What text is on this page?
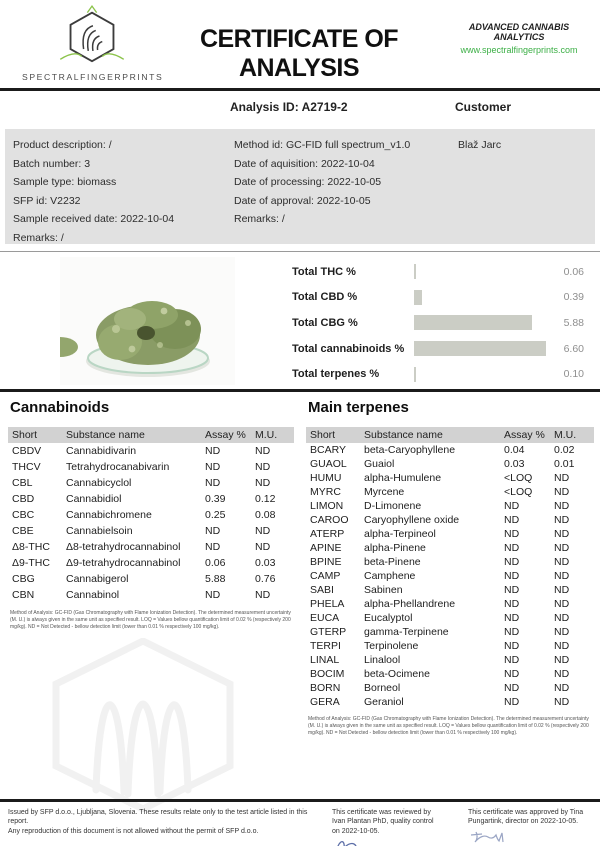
SPECTRALFINGERPRINTS
CERTIFICATE OF ANALYSIS
ADVANCED CANNABIS ANALYTICS
www.spectralfingerprints.com
Analysis ID: A2719-2	Customer
Product description: /
Batch number: 3
Sample type: biomass
SFP id: V2232
Sample received date: 2022-10-04
Remarks: /
Method id: GC-FID full spectrum_v1.0
Date of aquisition: 2022-10-04
Date of processing: 2022-10-05
Date of approval: 2022-10-05
Remarks: /
Blaž Jarc
Total THC %	0.06
Total CBD %	0.39
Total CBG %	5.88
Total cannabinoids %	6.60
Total terpenes %	0.10
Cannabinoids
Short	Substance name	Assay %	M.U.
CBDV	Cannabidivarin	ND	ND
THCV	Tetrahydrocanabivarin	ND	ND
CBL	Cannabicyclol	ND	ND
CBD	Cannabidiol	0.39	0.12
CBC	Cannabichromene	0.25	0.08
CBE	Cannabielsoin	ND	ND
Δ8-THC	Δ8-tetrahydrocannabinol	ND	ND
Δ9-THC	Δ9-tetrahydrocannabinol	0.06	0.03
CBG	Cannabigerol	5.88	0.76
CBN	Cannabinol	ND	ND

Method of Analysis: GC-FID (Gas Chromatography with Flame Ionization Detection). The determined measurement uncertainty (M. U.) is always given in the same unit as specified result. LOQ = Values bellow quantification limit of 0.02 % (respectively 200 mg/kg). ND = Not Detected - bellow detection limit (lower than 0.01 % respectively 100 mg/kg).

Main terpenes
Short	Substance name	Assay %	M.U.
BCARY	beta-Caryophyllene	0.04	0.02
GUAOL	Guaiol	0.03	0.01
HUMU	alpha-Humulene	<LOQ	ND
MYRC	Myrcene	<LOQ	ND
LIMON	D-Limonene	ND	ND
CAROO	Caryophyllene oxide	ND	ND
ATERP	alpha-Terpineol	ND	ND
APINE	alpha-Pinene	ND	ND
BPINE	beta-Pinene	ND	ND
CAMP	Camphene	ND	ND
SABI	Sabinen	ND	ND
PHELA	alpha-Phellandrene	ND	ND
EUCA	Eucalyptol	ND	ND
GTERP	gamma-Terpinene	ND	ND
TERPI	Terpinolene	ND	ND
LINAL	Linalool	ND	ND
BOCIM	beta-Ocimene	ND	ND
BORN	Borneol	ND	ND
GERA	Geraniol	ND	ND

Method of Analysis: GC-FID (Gas Chromatography with Flame Ionization Detection). The determined measurement uncertainty (M. U.) is always given in the same unit as specified result. LOQ = Values bellow quantification limit of 0.02 % (respectively 200 mg/kg). ND = Not Detected - bellow detection limit (lower than 0.01 % respectively 100 mg/kg).

Issued by SFP d.o.o., Ljubljana, Slovenia. These results relate only to the test article listed in this report.
Any reproduction of this document is not allowed without the permit of SFP d.o.o.
This certificate was reviewed by Ivan Plantan PhD, quality control on 2022-10-05.
This certificate was approved by Tina Pungartink, director on 2022-10-05.
